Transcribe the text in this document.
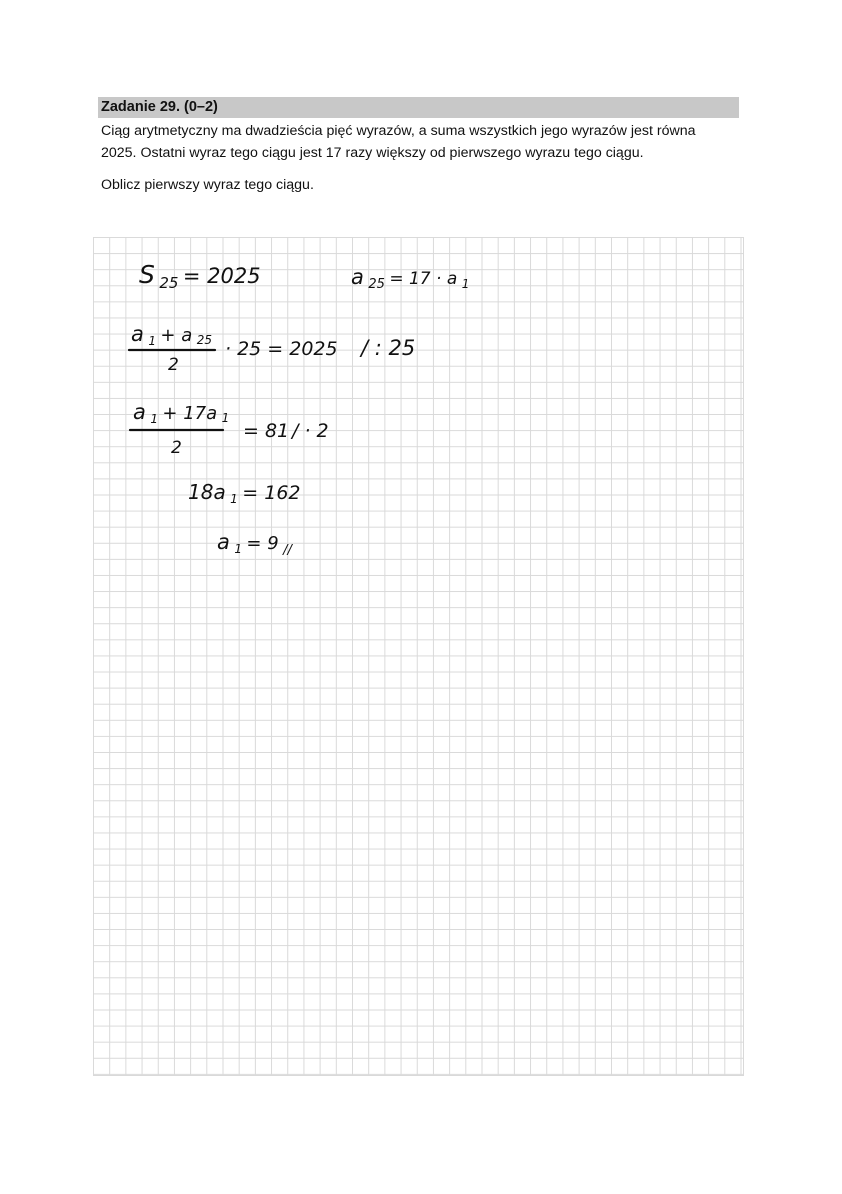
Zadanie 29. (0–2)

Ciąg arytmetyczny ma dwadzieścia pięć wyrazów, a suma wszystkich jego wyrazów jest równa 2025. Ostatni wyraz tego ciągu jest 17 razy większy od pierwszego wyrazu tego ciągu.

Oblicz pierwszy wyraz tego ciągu.

S 25 = 2025	a $_{25}$ = 17 · a $_1$
a $_1$ + a 25
2
· 25 = 2025 / : 25
a $_1$ + 17a 1
2
= 81 / · 2
18a $_1$ = 162
a $_1$ = 9 $_{//}$
